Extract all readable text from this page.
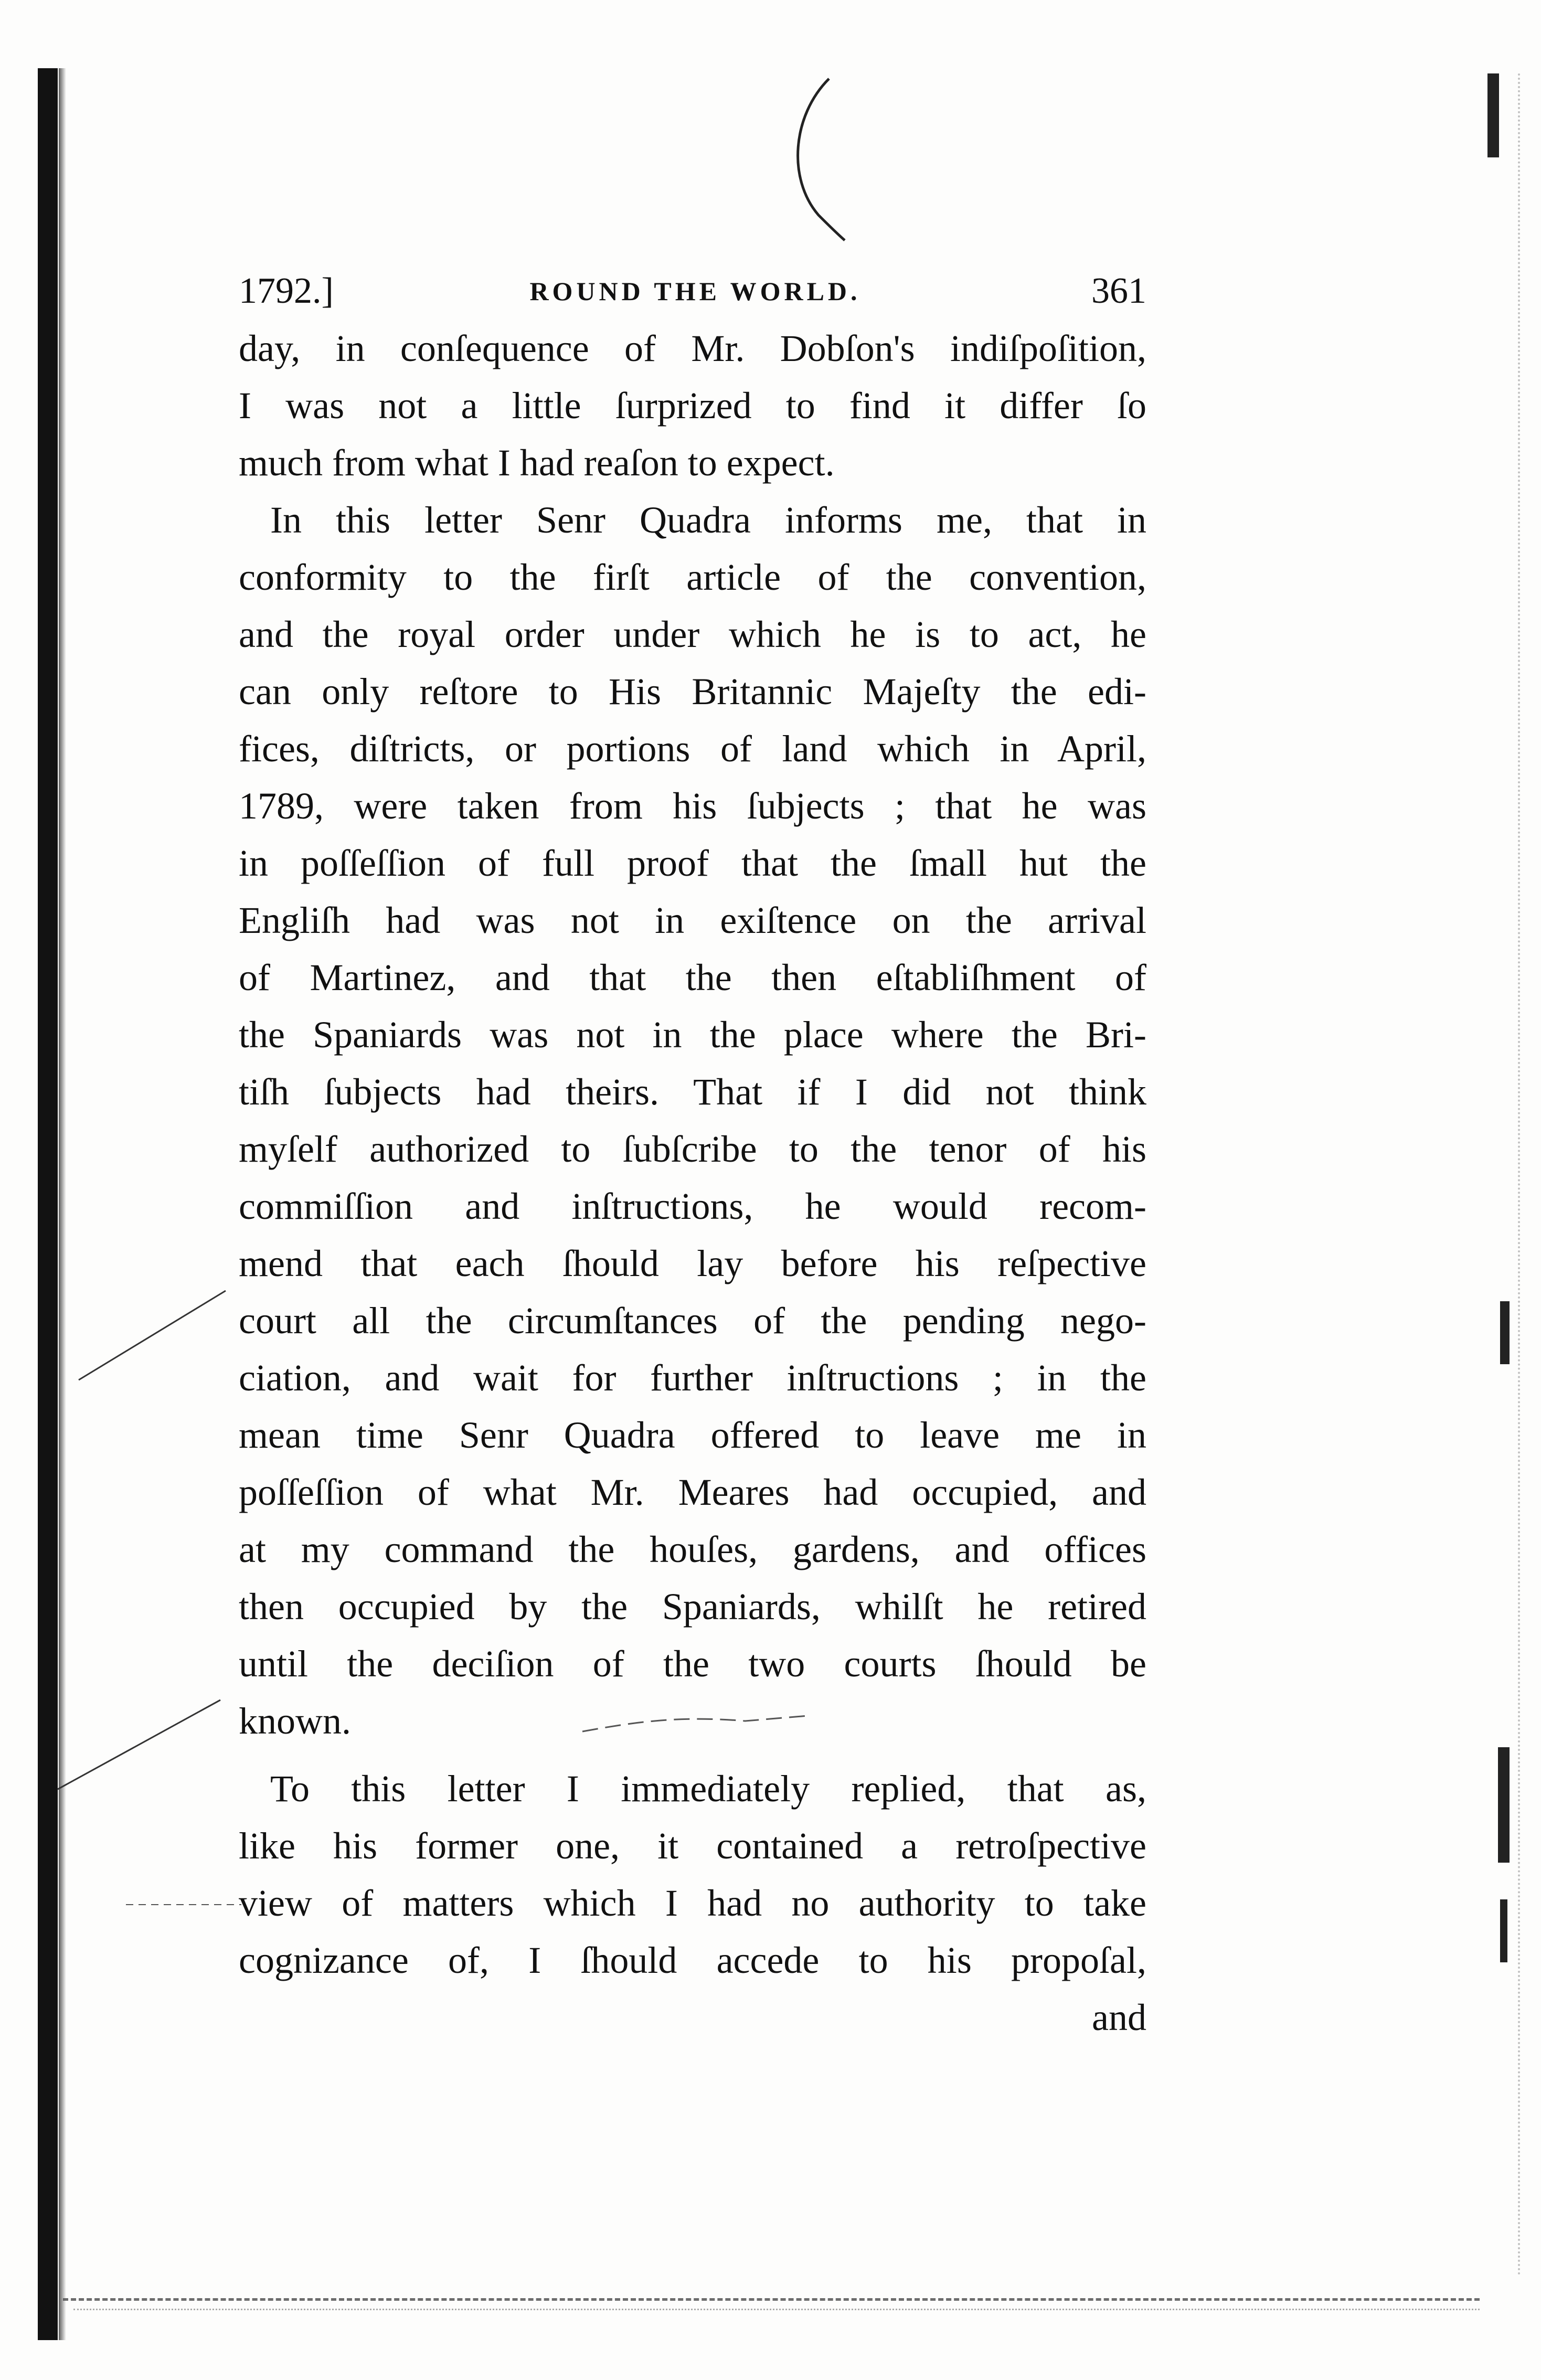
1792.]	ROUND THE WORLD.	361
day, in conſequence of Mr. Dobſon's indiſpoſition,
I was not a little ſurprized to find it differ ſo
much from what I had reaſon to expect.
In this letter Senr Quadra informs me, that in
conformity to the firſt article of the convention,
and the royal order under which he is to act, he
can only reſtore to His Britannic Majeſty the edi-
fices, diſtricts, or portions of land which in April,
1789, were taken from his ſubjects ; that he was
in poſſeſſion of full proof that the ſmall hut the
Engliſh had was not in exiſtence on the arrival
of Martinez, and that the then eſtabliſhment of
the Spaniards was not in the place where the Bri-
tiſh ſubjects had theirs. That if I did not think
myſelf authorized to ſubſcribe to the tenor of his
commiſſion and inſtructions, he would recom-
mend that each ſhould lay before his reſpective
court all the circumſtances of the pending nego-
ciation, and wait for further inſtructions ; in the
mean time Senr Quadra offered to leave me in
poſſeſſion of what Mr. Meares had occupied, and
at my command the houſes, gardens, and offices
then occupied by the Spaniards, whilſt he retired
until the deciſion of the two courts ſhould be
known.
To this letter I immediately replied, that as,
like his former one, it contained a retroſpective
view of matters which I had no authority to take
cognizance of, I ſhould accede to his propoſal,
and
